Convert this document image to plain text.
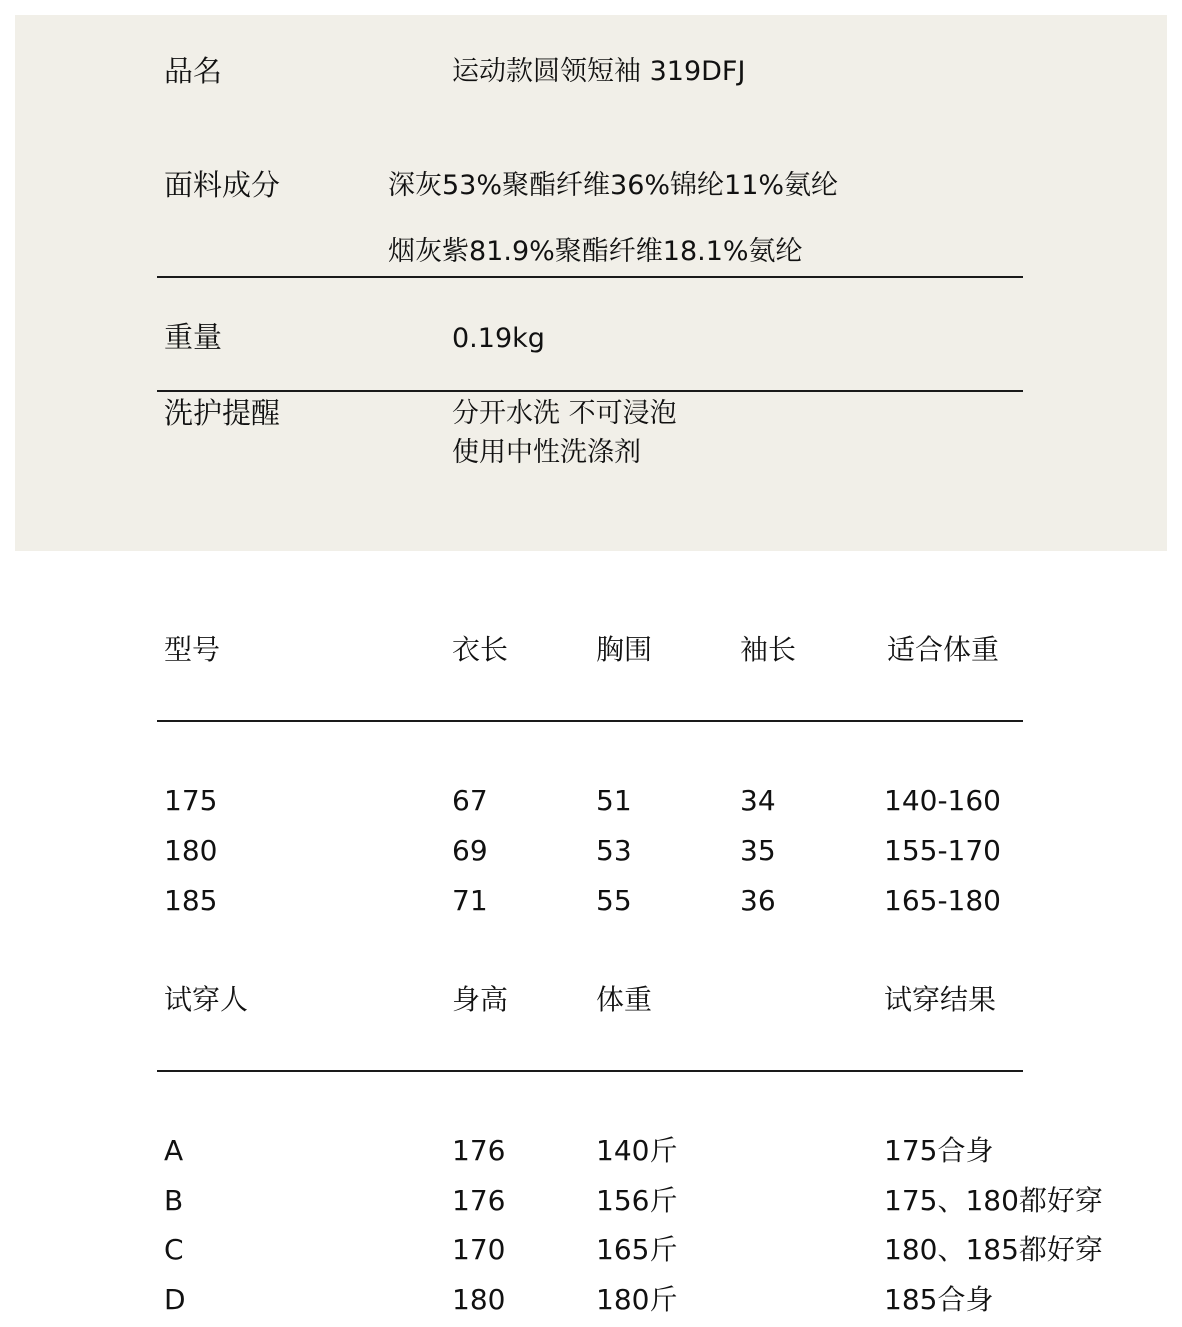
品名	运动款圆领短袖 319DFJ
面料成分	深灰53%聚酯纤维36%锦纶11%氨纶
烟灰紫81.9%聚酯纤维18.1%氨纶
重量	0.19kg
洗护提醒	分开水洗 不可浸泡
使用中性洗涤剂
型号	衣长	胸围	袖长	适合体重
175	67	51	34	140-160
180	69	53	35	155-170
185	71	55	36	165-180
试穿人	身高	体重	试穿结果
A	176	140斤	175合身
B	176	156斤	175、180都好穿
C	170	165斤	180、185都好穿
D	180	180斤	185合身
